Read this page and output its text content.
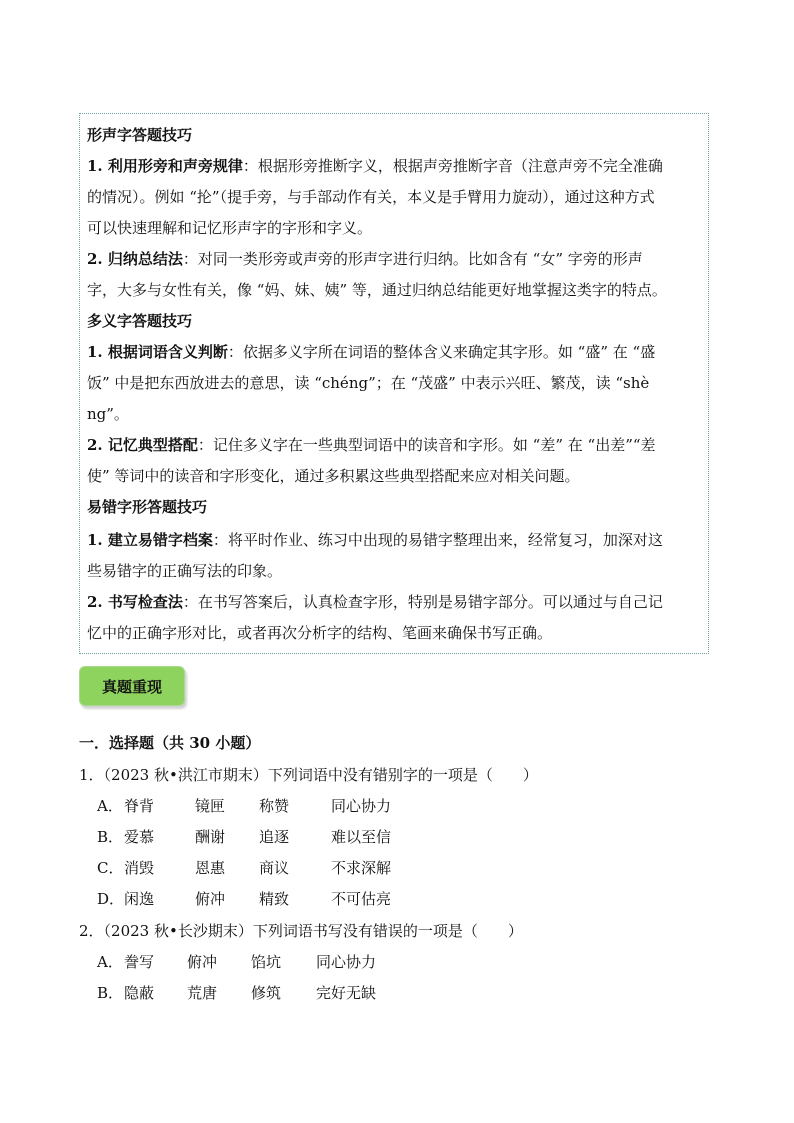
形声字答题技巧
1. 利用形旁和声旁规律：根据形旁推断字义，根据声旁推断字音（注意声旁不完全准确
的情况）。例如 “抡”（提手旁，与手部动作有关，本义是手臂用力旋动），通过这种方式
可以快速理解和记忆形声字的字形和字义。
2. 归纳总结法：对同一类形旁或声旁的形声字进行归纳。比如含有 “女” 字旁的形声
字，大多与女性有关，像 “妈、妹、姨” 等，通过归纳总结能更好地掌握这类字的特点。
多义字答题技巧
1. 根据词语含义判断：依据多义字所在词语的整体含义来确定其字形。如 “盛” 在 “盛
饭” 中是把东西放进去的意思，读 “chéng”；在 “茂盛” 中表示兴旺、繁茂，读 “shè
ng”。
2. 记忆典型搭配：记住多义字在一些典型词语中的读音和字形。如 “差” 在 “出差”“差
使” 等词中的读音和字形变化，通过多积累这些典型搭配来应对相关问题。
易错字形答题技巧
1. 建立易错字档案：将平时作业、练习中出现的易错字整理出来，经常复习，加深对这
些易错字的正确写法的印象。
2. 书写检查法：在书写答案后，认真检查字形，特别是易错字部分。可以通过与自己记
忆中的正确字形对比，或者再次分析字的结构、笔画来确保书写正确。
真题重现
一．选择题（共 30 小题）
1．（2023 秋•洪江市期末）下列词语中没有错别字的一项是（　　）
A． 脊背	镜匣 称赞	同心协力
B． 爱慕	酬谢 追逐	难以至信
C． 消毁	恩惠 商议	不求深解
D． 闲逸	俯冲 精致	不可估亮
2．（2023 秋•长沙期末）下列词语书写没有错误的一项是（　　）
A． 誊写 俯冲 馅坑 同心协力
B． 隐蔽 荒唐 修筑 完好无缺
